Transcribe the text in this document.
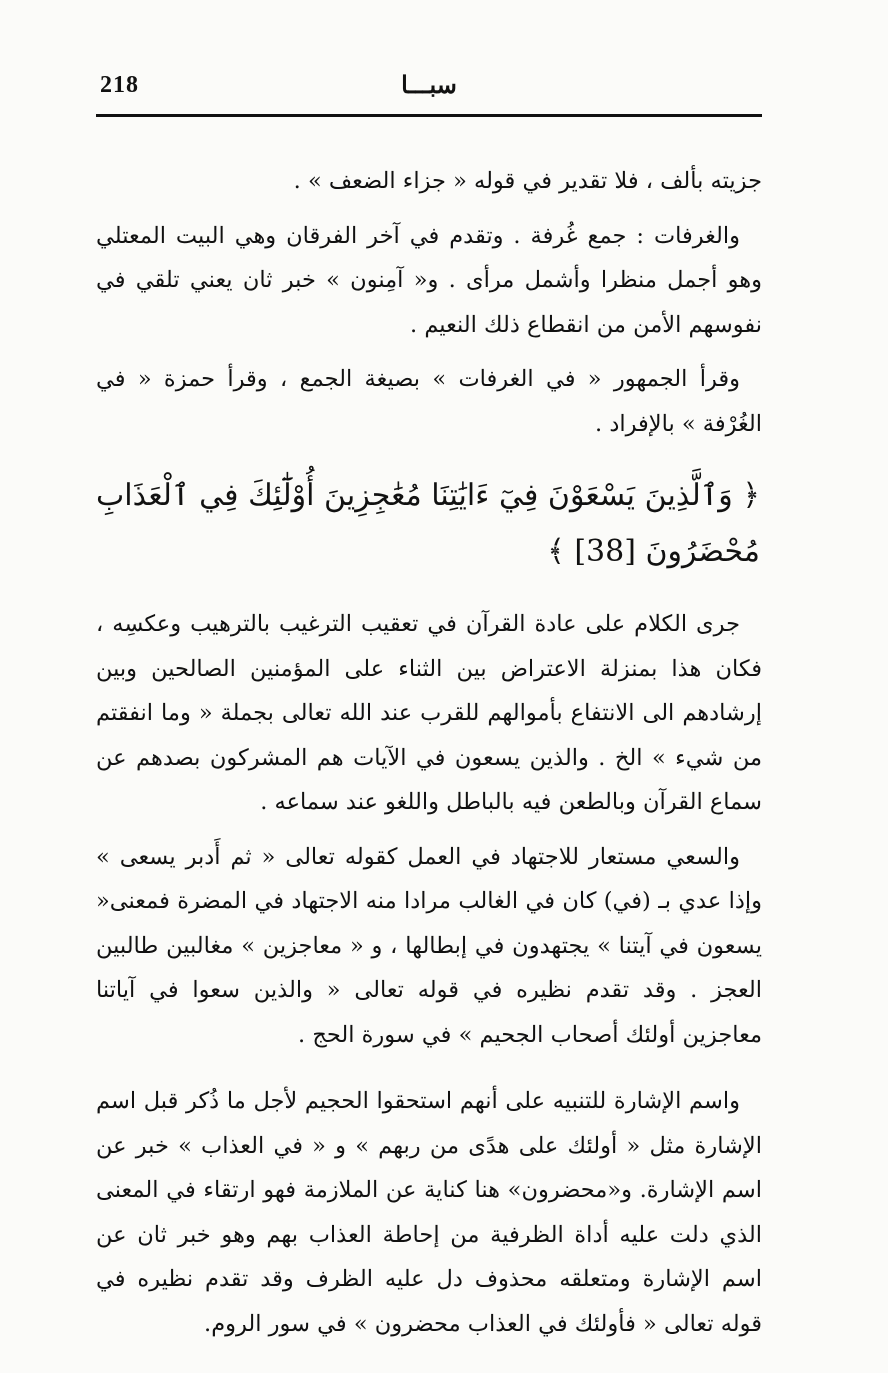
218	سبـــا

جزيته بألف ، فلا تقدير في قوله « جزاء الضعف » .

والغرفات : جمع غُرفة . وتقدم في آخر الفرقان وهي البيت المعتلي وهو أجمل منظرا وأشمل مرأى . و« آمِنون » خبر ثان يعني تلقي في نفوسهم الأمن من انقطاع ذلك النعيم .

وقرأ الجمهور « في الغرفات » بصيغة الجمع ، وقرأ حمزة « في الغُرْفة » بالإفراد .

﴿ وَٱلَّذِينَ يَسْعَوْنَ فِيٓ ءَايَٰتِنَا مُعَٰجِزِينَ أُوْلَٰٓئِكَ فِي ٱلْعَذَابِ مُحْضَرُونَ [38] ﴾

جرى الكلام على عادة القرآن في تعقيب الترغيب بالترهيب وعكسِه ، فكان هذا بمنزلة الاعتراض بين الثناء على المؤمنين الصالحين وبين إرشادهم الى الانتفاع بأموالهم للقرب عند الله تعالى بجملة « وما انفقتم من شيء » الخ . والذين يسعون في الآيات هم المشركون بصدهم عن سماع القرآن وبالطعن فيه بالباطل واللغو عند سماعه .

والسعي مستعار للاجتهاد في العمل كقوله تعالى « ثم أَدبر يسعى » وإذا عدي بـ (في) كان في الغالب مرادا منه الاجتهاد في المضرة فمعنى« يسعون في آيتنا » يجتهدون في إبطالها ، و « معاجزين » مغالبين طالبين العجز . وقد تقدم نظيره في قوله تعالى « والذين سعوا في آياتنا معاجزين أولئك أصحاب الجحيم » في سورة الحج .

واسم الإشارة للتنبيه على أنهم استحقوا الحجيم لأجل ما ذُكر قبل اسم الإشارة مثل « أولئك على هدًى من ربهم » و « في العذاب » خبر عن اسم الإشارة. و«محضرون» هنا كناية عن الملازمة فهو ارتقاء في المعنى الذي دلت عليه أداة الظرفية من إحاطة العذاب بهم وهو خبر ثان عن اسم الإشارة ومتعلقه محذوف دل عليه الظرف وقد تقدم نظيره في قوله تعالى « فأولئك في العذاب محضرون » في سور الروم.
